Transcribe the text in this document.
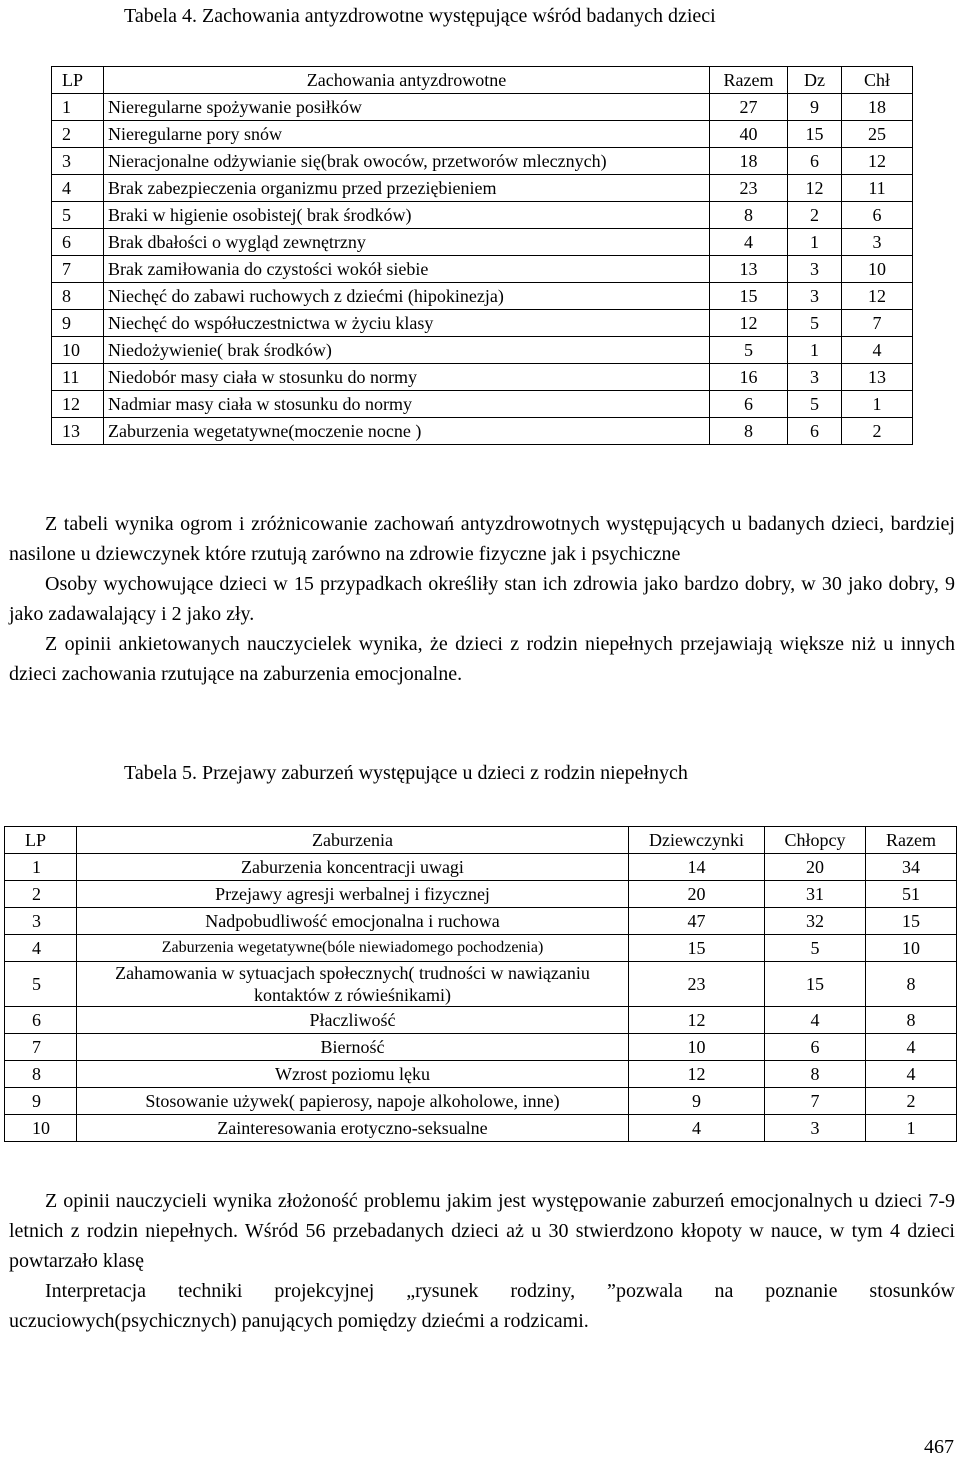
Tabela 4. Zachowania antyzdrowotne występujące wśród badanych dzieci
LP	Zachowania antyzdrowotne	Razem	Dz	Chł
1	Nieregularne spożywanie posiłków	27	9	18
2	Nieregularne pory snów	40	15	25
3	Nieracjonalne odżywianie się(brak owoców, przetworów mlecznych)	18	6	12
4	Brak zabezpieczenia organizmu przed przeziębieniem	23	12	11
5	Braki w higienie osobistej( brak środków)	8	2	6
6	Brak dbałości o wygląd zewnętrzny	4	1	3
7	Brak zamiłowania do czystości wokół siebie	13	3	10
8	Niechęć do zabawi ruchowych z dziećmi (hipokinezja)	15	3	12
9	Niechęć do współuczestnictwa w życiu klasy	12	5	7
10	Niedożywienie( brak środków)	5	1	4
11	Niedobór masy ciała w stosunku do normy	16	3	13
12	Nadmiar masy ciała w stosunku do normy	6	5	1
13	Zaburzenia wegetatywne(moczenie nocne )	8	6	2

Z tabeli wynika ogrom i zróżnicowanie zachowań antyzdrowotnych występujących u badanych dzieci, bardziej nasilone u dziewczynek które rzutują zarówno na zdrowie fizyczne jak i psychiczne

Osoby wychowujące dzieci w 15 przypadkach określiły stan ich zdrowia jako bardzo dobry, w 30 jako dobry, 9 jako zadawalający i 2 jako zły.

Z opinii ankietowanych nauczycielek wynika, że dzieci z rodzin niepełnych przejawiają większe niż u innych dzieci zachowania rzutujące na zaburzenia emocjonalne.

Tabela 5. Przejawy zaburzeń występujące u dzieci z rodzin niepełnych
LP	Zaburzenia	Dziewczynki	Chłopcy	Razem
1	Zaburzenia koncentracji uwagi	14	20	34
2	Przejawy agresji werbalnej i fizycznej	20	31	51
3	Nadpobudliwość emocjonalna i ruchowa	47	32	15
4	Zaburzenia wegetatywne(bóle niewiadomego pochodzenia)	15	5	10
5	Zahamowania w sytuacjach społecznych( trudności w nawiązaniu kontaktów z rówieśnikami)	23	15	8
6	Płaczliwość	12	4	8
7	Bierność	10	6	4
8	Wzrost poziomu lęku	12	8	4
9	Stosowanie używek( papierosy, napoje alkoholowe, inne)	9	7	2
10	Zainteresowania erotyczno-seksualne	4	3	1

Z opinii nauczycieli wynika złożoność problemu jakim jest występowanie zaburzeń emocjonalnych u dzieci 7-9 letnich z rodzin niepełnych. Wśród 56 przebadanych dzieci aż u 30 stwierdzono kłopoty w nauce, w tym 4 dzieci powtarzało klasę

Interpretacja techniki projekcyjnej „rysunek rodziny, ”pozwala na poznanie stosunków uczuciowych(psychicznych) panujących pomiędzy dziećmi a rodzicami.

467
